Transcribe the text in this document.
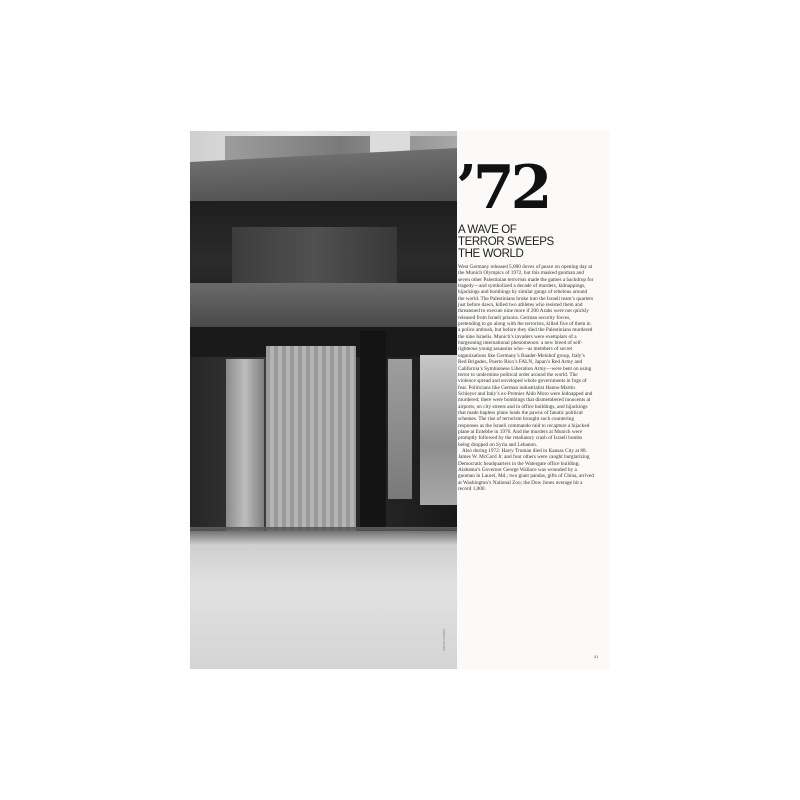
PHOTO CREDIT
’72
A WAVE OF
TERROR SWEEPS
THE WORLD

West Germany released 5,000 doves of peace on opening day at the Munich Olympics of 1972, but this masked gunman and seven other Palestinian terrorists made the games a backdrop for tragedy—and symbolized a decade of murders, kidnappings, hijackings and bombings by similar gangs of rebelous around the world. The Palestinians broke into the Israeli team’s quarters just before dawn, killed two athletes who resisted them and threatened to execute nine more if 200 Arabs were not quickly released from Israeli prisons. German security forces, pretending to go along with the terrorists, killed five of them in a police ambush, but before they died the Palestinians murdered the nine Israelis. Munich’s invaders were exemplars of a burgeoning international phenomenon: a new breed of self-righteous young assassins who—as members of secret organizations like Germany’s Baader-Meinhof group, Italy’s Red Brigades, Puerto Rico’s FALN, Japan’s Red Army and California’s Symbionese Liberation Army—were bent on using terror to undermine political order around the world. The violence spread and enveloped whole governments in fogs of fear. Politicians like German industrialist Hanns-Martin Schleyer and Italy’s ex-Premier Aldo Moro were kidnapped and murdered; there were bombings that dismembered innocents at airports, on city streets and in office buildings, and hijackings that made hapless plane loads the pawns of fanatic political schemes. The rise of terrorism brought such countering responses as the Israeli commando raid to recapture a hijacked plane at Entebbe in 1976. And the murders at Munich were promptly followed by the retaliatory crash of Israeli bombs being dropped on Syria and Lebanon.

Also during 1972: Harry Truman died in Kansas City at 88. James W. McCord Jr. and four others were caught burglarizing Democratic headquarters in the Watergate office building; Alabama’s Governor George Wallace was wounded by a gunman in Laurel, Md.; two giant pandas, gifts of China, arrived at Washington’s National Zoo; the Dow Jones average hit a record 1,000.

41
